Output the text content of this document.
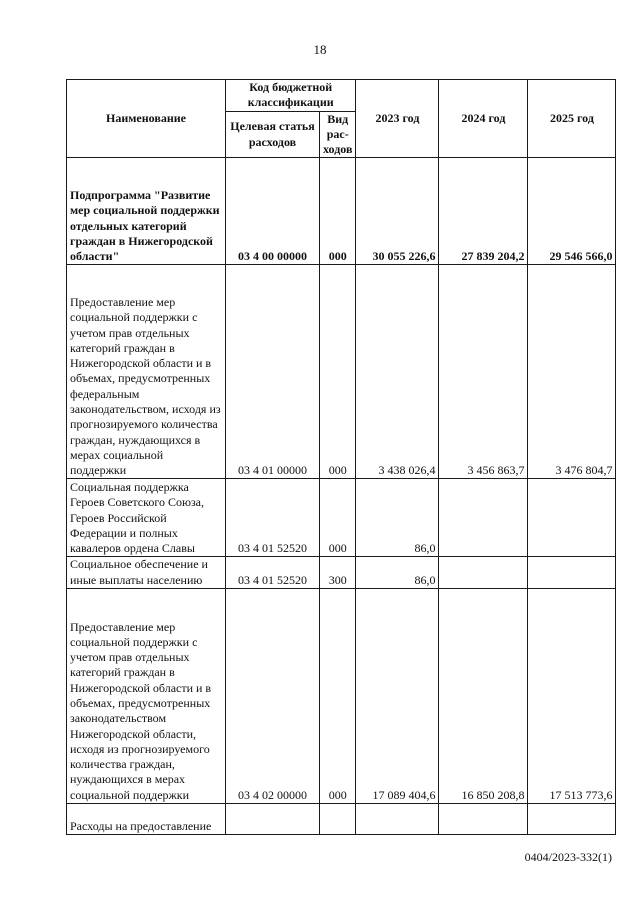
18
Наименование	Код бюджетной классификации		2023 год	2024 год	2025 год
	Целевая статья расходов	Вид рас-ходов			
Подпрограмма "Развитие мер социальной поддержки отдельных категорий граждан в Нижегородской области"	03 4 00 00000	000	30 055 226,6	27 839 204,2	29 546 566,0
Предоставление мер социальной поддержки с учетом прав отдельных категорий граждан в Нижегородской области и в объемах, предусмотренных федеральным законодательством, исходя из прогнозируемого количества граждан, нуждающихся в мерах социальной поддержки	03 4 01 00000	000	3 438 026,4	3 456 863,7	3 476 804,7
Социальная поддержка Героев Советского Союза, Героев Российской Федерации и полных кавалеров ордена Славы	03 4 01 52520	000	86,0		
Социальное обеспечение и иные выплаты населению	03 4 01 52520	300	86,0		
Предоставление мер социальной поддержки с учетом прав отдельных категорий граждан в Нижегородской области и в объемах, предусмотренных законодательством Нижегородской области, исходя из прогнозируемого количества граждан, нуждающихся в мерах социальной поддержки	03 4 02 00000	000	17 089 404,6	16 850 208,8	17 513 773,6
Расходы на предоставление					
0404/2023-332(1)
